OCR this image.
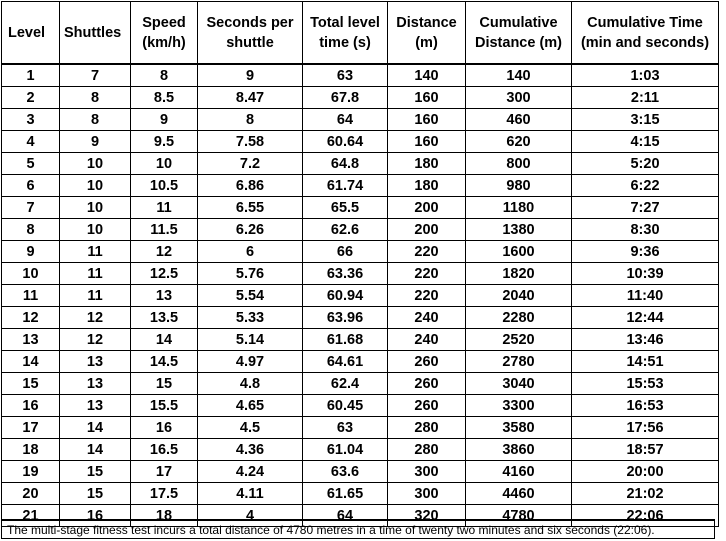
Level	Shuttles	Speed (km/h)	Seconds per shuttle	Total level time (s)	Distance (m)	Cumulative Distance (m)	Cumulative Time (min and seconds)
1	7	8	9	63	140	140	1:03
2	8	8.5	8.47	67.8	160	300	2:11
3	8	9	8	64	160	460	3:15
4	9	9.5	7.58	60.64	160	620	4:15
5	10	10	7.2	64.8	180	800	5:20
6	10	10.5	6.86	61.74	180	980	6:22
7	10	11	6.55	65.5	200	1180	7:27
8	10	11.5	6.26	62.6	200	1380	8:30
9	11	12	6	66	220	1600	9:36
10	11	12.5	5.76	63.36	220	1820	10:39
11	11	13	5.54	60.94	220	2040	11:40
12	12	13.5	5.33	63.96	240	2280	12:44
13	12	14	5.14	61.68	240	2520	13:46
14	13	14.5	4.97	64.61	260	2780	14:51
15	13	15	4.8	62.4	260	3040	15:53
16	13	15.5	4.65	60.45	260	3300	16:53
17	14	16	4.5	63	280	3580	17:56
18	14	16.5	4.36	61.04	280	3860	18:57
19	15	17	4.24	63.6	300	4160	20:00
20	15	17.5	4.11	61.65	300	4460	21:02
21	16	18	4	64	320	4780	22:06
The multi-stage fitness test incurs a total distance of 4780 metres in a time of twenty two minutes and six seconds (22:06).
